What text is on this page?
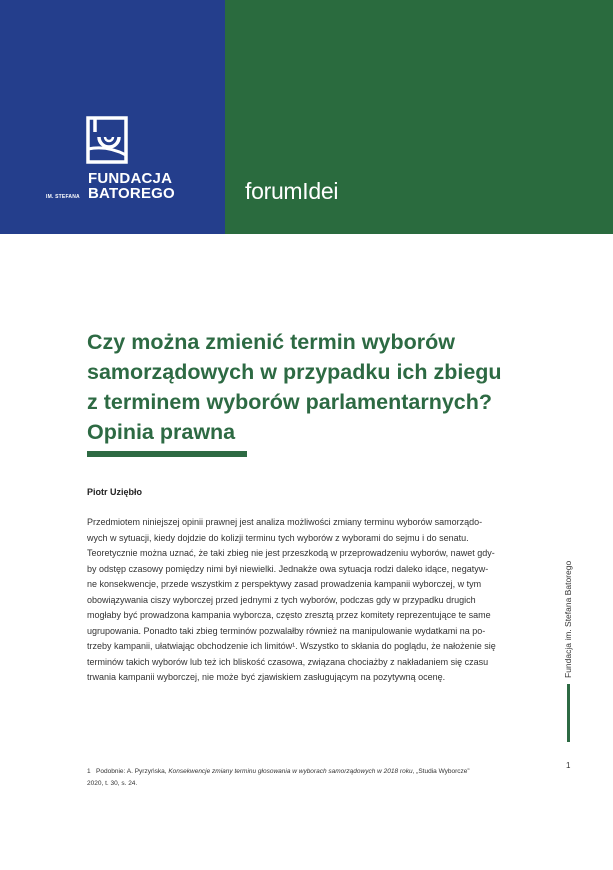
FUNDACJA
BATOREGO
IM. STEFANA	forumIdei
Czy można zmienić termin wyborów
samorządowych w przypadku ich zbiegu
z terminem wyborów parlamentarnych?
Opinia prawna
Piotr Uziębło
Przedmiotem niniejszej opinii prawnej jest analiza możliwości zmiany terminu wyborów samorządo-
wych w sytuacji, kiedy dojdzie do kolizji terminu tych wyborów z wyborami do sejmu i do senatu.
Teoretycznie można uznać, że taki zbieg nie jest przeszkodą w przeprowadzeniu wyborów, nawet gdy-
by odstęp czasowy pomiędzy nimi był niewielki. Jednakże owa sytuacja rodzi daleko idące, negatyw-
ne konsekwencje, przede wszystkim z perspektywy zasad prowadzenia kampanii wyborczej, w tym
obowiązywania ciszy wyborczej przed jednymi z tych wyborów, podczas gdy w przypadku drugich
mogłaby być prowadzona kampania wyborcza, często zresztą przez komitety reprezentujące te same
ugrupowania. Ponadto taki zbieg terminów pozwalałby również na manipulowanie wydatkami na po-
trzeby kampanii, ułatwiając obchodzenie ich limitów¹. Wszystko to skłania do poglądu, że nałożenie się
terminów takich wyborów lub też ich bliskość czasowa, związana chociażby z nakładaniem się czasu
trwania kampanii wyborczej, nie może być zjawiskiem zasługującym na pozytywną ocenę.	Fundacja im. Stefana Batorego
1
1 Podobnie: A. Pyrzyńska, Konsekwencje zmiany terminu głosowania w wyborach samorządowych w 2018 roku, „Studia Wyborcze”
2020, t. 30, s. 24.
